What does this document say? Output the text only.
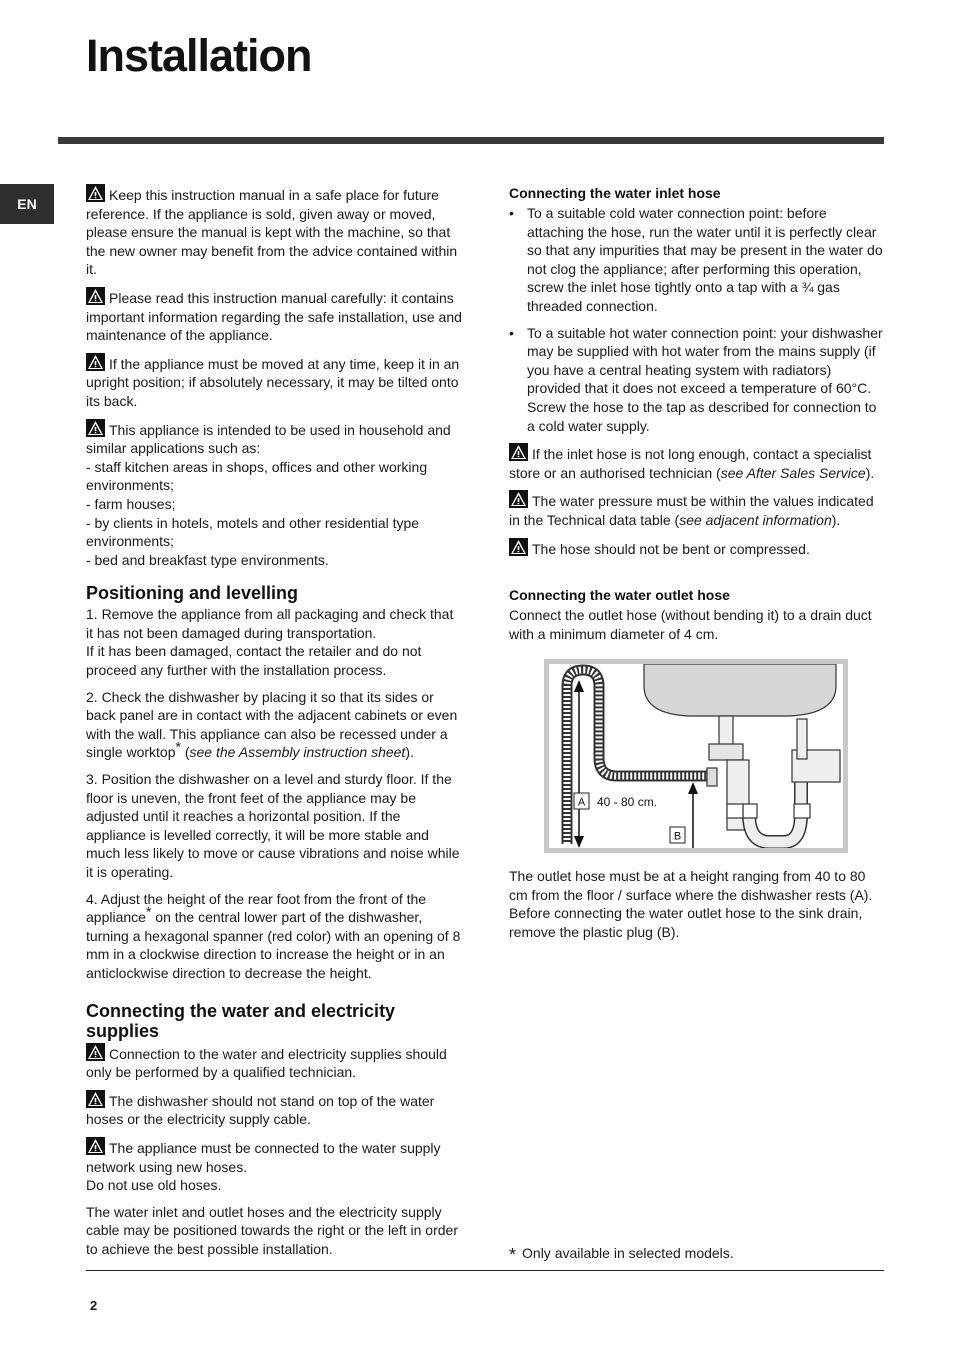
Installation
EN

Keep this instruction manual in a safe place for future reference. If the appliance is sold, given away or moved, please ensure the manual is kept with the machine, so that the new owner may benefit from the advice contained within it.

Please read this instruction manual carefully: it contains important information regarding the safe installation, use and maintenance of the appliance.

If the appliance must be moved at any time, keep it in an upright position; if absolutely necessary, it may be tilted onto its back.

This appliance is intended to be used in household and similar applications such as:
- staff kitchen areas in shops, offices and other working environments;
- farm houses;
- by clients in hotels, motels and other residential type environments;
- bed and breakfast type environments.

Positioning and levelling

1. Remove the appliance from all packaging and check that it has not been damaged during transportation.
If it has been damaged, contact the retailer and do not proceed any further with the installation process.

2. Check the dishwasher by placing it so that its sides or back panel are in contact with the adjacent cabinets or even with the wall. This appliance can also be recessed under a single worktop* (see the Assembly instruction sheet).

3. Position the dishwasher on a level and sturdy floor. If the floor is uneven, the front feet of the appliance may be adjusted until it reaches a horizontal position. If the appliance is levelled correctly, it will be more stable and much less likely to move or cause vibrations and noise while it is operating.

4. Adjust the height of the rear foot from the front of the appliance* on the central lower part of the dishwasher, turning a hexagonal spanner (red color) with an opening of 8 mm in a clockwise direction to increase the height or in an anticlockwise direction to decrease the height.

Connecting the water and electricity supplies

Connection to the water and electricity supplies should only be performed by a qualified technician.

The dishwasher should not stand on top of the water hoses or the electricity supply cable.

The appliance must be connected to the water supply network using new hoses.
Do not use old hoses.

The water inlet and outlet hoses and the electricity supply cable may be positioned towards the right or the left in order to achieve the best possible installation.

Connecting the water inlet hose
• To a suitable cold water connection point: before attaching the hose, run the water until it is perfectly clear so that any impurities that may be present in the water do not clog the appliance; after performing this operation, screw the inlet hose tightly onto a tap with a ¾ gas threaded connection.
• To a suitable hot water connection point: your dishwasher may be supplied with hot water from the mains supply (if you have a central heating system with radiators) provided that it does not exceed a temperature of 60°C.
Screw the hose to the tap as described for connection to a cold water supply.

If the inlet hose is not long enough, contact a specialist store or an authorised technician (see After Sales Service).

The water pressure must be within the values indicated in the Technical data table (see adjacent information).

The hose should not be bent or compressed.

Connecting the water outlet hose

Connect the outlet hose (without bending it) to a drain duct with a minimum diameter of 4 cm.

A 40 - 80 cm.
B

The outlet hose must be at a height ranging from 40 to 80 cm from the floor / surface where the dishwasher rests (A).
Before connecting the water outlet hose to the sink drain, remove the plastic plug (B).

* Only available in selected models.
2
